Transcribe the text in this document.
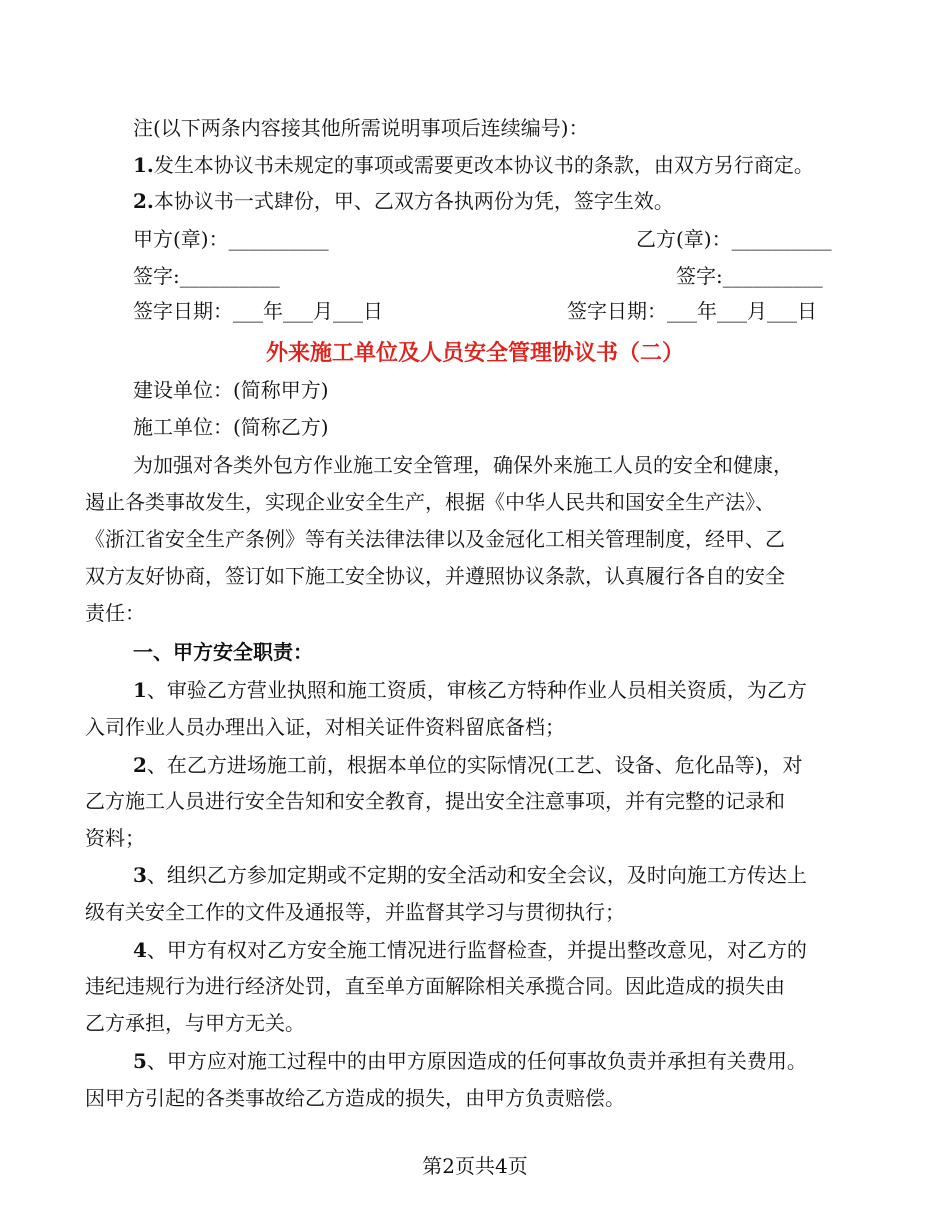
注(以下两条内容接其他所需说明事项后连续编号)：
1.发生本协议书未规定的事项或需要更改本协议书的条款，由双方另行商定。
2.本协议书一式肆份，甲、乙双方各执两份为凭，签字生效。
甲方(章)：__________	乙方(章)：__________
签字:__________	签字:__________
签字日期：___年___月___日	签字日期：___年___月___日
外来施工单位及人员安全管理协议书（二）
建设单位：(简称甲方)
施工单位：(简称乙方)
为加强对各类外包方作业施工安全管理，确保外来施工人员的安全和健康，
遏止各类事故发生，实现企业安全生产，根据《中华人民共和国安全生产法》、
《浙江省安全生产条例》等有关法律法律以及金冠化工相关管理制度，经甲、乙
双方友好协商，签订如下施工安全协议，并遵照协议条款，认真履行各自的安全
责任：
一、甲方安全职责：
1、审验乙方营业执照和施工资质，审核乙方特种作业人员相关资质，为乙方
入司作业人员办理出入证，对相关证件资料留底备档；
2、在乙方进场施工前，根据本单位的实际情况(工艺、设备、危化品等)，对
乙方施工人员进行安全告知和安全教育，提出安全注意事项，并有完整的记录和
资料；
3、组织乙方参加定期或不定期的安全活动和安全会议，及时向施工方传达上
级有关安全工作的文件及通报等，并监督其学习与贯彻执行；
4、甲方有权对乙方安全施工情况进行监督检查，并提出整改意见，对乙方的
违纪违规行为进行经济处罚，直至单方面解除相关承揽合同。因此造成的损失由
乙方承担，与甲方无关。
5、甲方应对施工过程中的由甲方原因造成的任何事故负责并承担有关费用。
因甲方引起的各类事故给乙方造成的损失，由甲方负责赔偿。
第2页共4页
